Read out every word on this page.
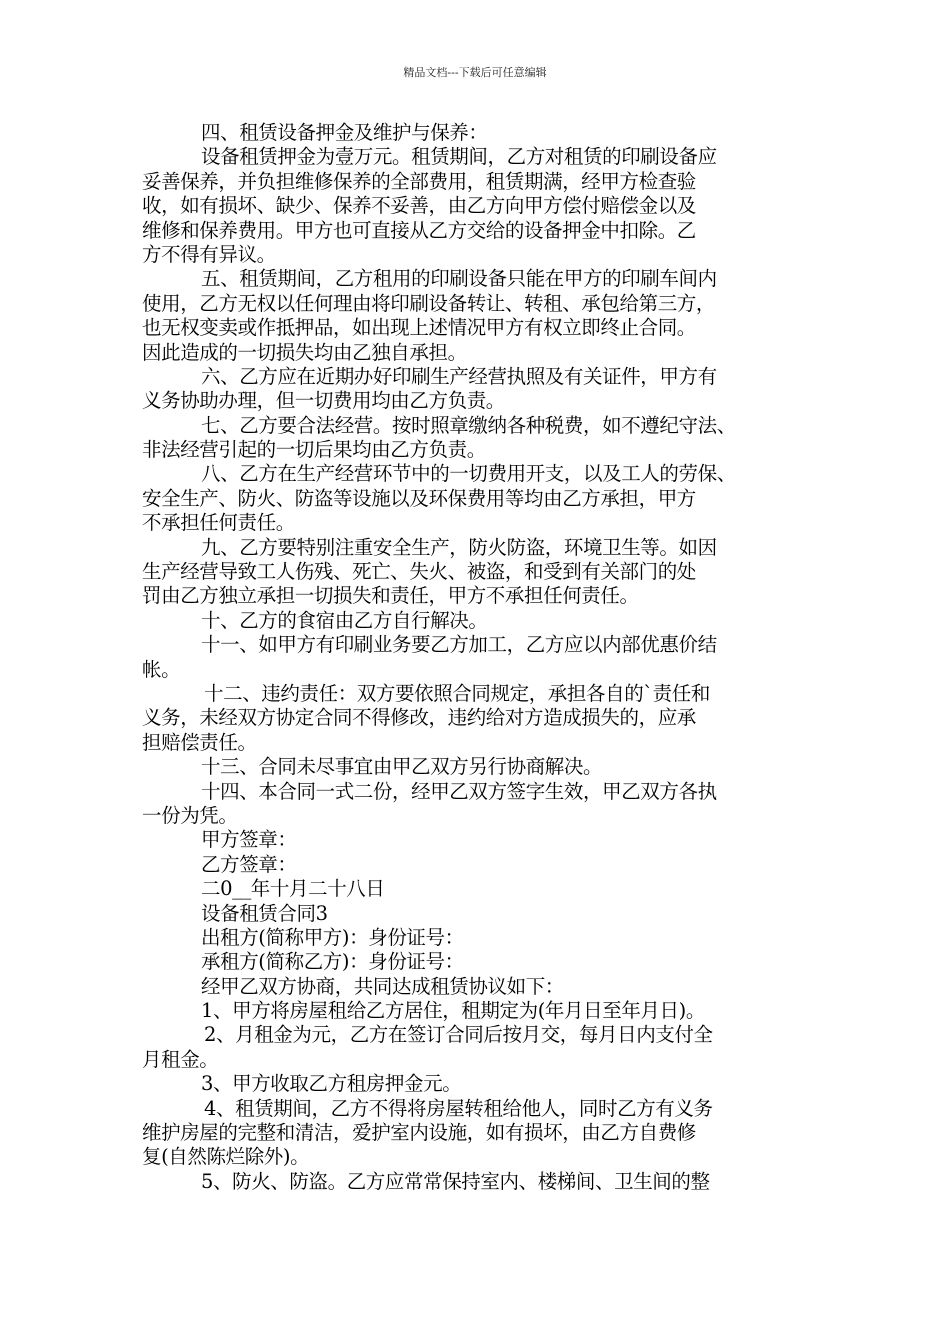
精品文档---下载后可任意编辑
四、租赁设备押金及维护与保养：
设备租赁押金为壹万元。租赁期间，乙方对租赁的印刷设备应
妥善保养，并负担维修保养的全部费用，租赁期满，经甲方检查验
收，如有损坏、缺少、保养不妥善，由乙方向甲方偿付赔偿金以及
维修和保养费用。甲方也可直接从乙方交给的设备押金中扣除。乙
方不得有异议。
五、租赁期间，乙方租用的印刷设备只能在甲方的印刷车间内
使用，乙方无权以任何理由将印刷设备转让、转租、承包给第三方，
也无权变卖或作抵押品，如出现上述情况甲方有权立即终止合同。
因此造成的一切损失均由乙独自承担。
六、乙方应在近期办好印刷生产经营执照及有关证件，甲方有
义务协助办理，但一切费用均由乙方负责。
七、乙方要合法经营。按时照章缴纳各种税费，如不遵纪守法、
非法经营引起的一切后果均由乙方负责。
八、乙方在生产经营环节中的一切费用开支，以及工人的劳保、
安全生产、防火、防盗等设施以及环保费用等均由乙方承担，甲方
不承担任何责任。
九、乙方要特别注重安全生产，防火防盗，环境卫生等。如因
生产经营导致工人伤残、死亡、失火、被盗，和受到有关部门的处
罚由乙方独立承担一切损失和责任，甲方不承担任何责任。
十、乙方的食宿由乙方自行解决。
十一、如甲方有印刷业务要乙方加工，乙方应以内部优惠价结
帐。
十二、违约责任：双方要依照合同规定，承担各自的`责任和
义务，未经双方协定合同不得修改，违约给对方造成损失的，应承
担赔偿责任。
十三、合同未尽事宜由甲乙双方另行协商解决。
十四、本合同一式二份，经甲乙双方签字生效，甲乙双方各执
一份为凭。
甲方签章：
乙方签章：
二0__年十月二十八日
设备租赁合同3
出租方(简称甲方)：身份证号：
承租方(简称乙方)：身份证号：
经甲乙双方协商，共同达成租赁协议如下：
1、甲方将房屋租给乙方居住，租期定为(年月日至年月日)。
2、月租金为元，乙方在签订合同后按月交，每月日内支付全
月租金。
3、甲方收取乙方租房押金元。
4、租赁期间，乙方不得将房屋转租给他人，同时乙方有义务
维护房屋的完整和清洁，爱护室内设施，如有损坏，由乙方自费修
复(自然陈烂除外)。
5、防火、防盗。乙方应常常保持室内、楼梯间、卫生间的整
